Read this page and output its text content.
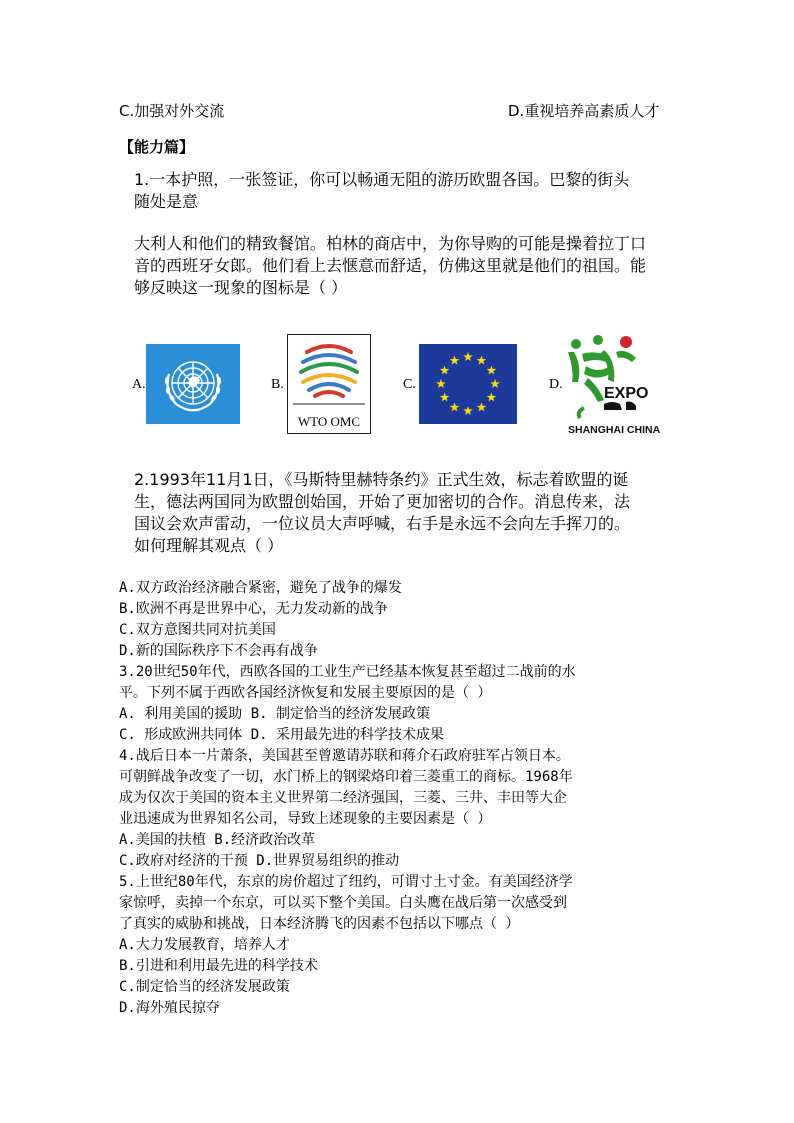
C.加强对外交流	D.重视培养高素质人才
【能力篇】
1.一本护照，一张签证，你可以畅通无阻的游历欧盟各国。巴黎的街头
随处是意
大利人和他们的精致餐馆。柏林的商店中，为你导购的可能是操着拉丁口
音的西班牙女郎。他们看上去惬意而舒适，仿佛这里就是他们的祖国。能
够反映这一现象的图标是（ ）
A.	B.
WTO OMC
C.	D.
EXPO
SHANGHAI CHINA
2.1993年11月1日，《马斯特里赫特条约》正式生效，标志着欧盟的诞
生，德法两国同为欧盟创始国，开始了更加密切的合作。消息传来，法
国议会欢声雷动，一位议员大声呼喊，右手是永远不会向左手挥刀的。
如何理解其观点（ ）
A.双方政治经济融合紧密，避免了战争的爆发
B.欧洲不再是世界中心，无力发动新的战争
C.双方意图共同对抗美国
D.新的国际秩序下不会再有战争
3.20世纪50年代，西欧各国的工业生产已经基本恢复甚至超过二战前的水
平。下列不属于西欧各国经济恢复和发展主要原因的是（ ）
A. 利用美国的援助 B. 制定恰当的经济发展政策
C. 形成欧洲共同体 D. 采用最先进的科学技术成果
4.战后日本一片萧条，美国甚至曾邀请苏联和蒋介石政府驻军占领日本。
可朝鲜战争改变了一切，水门桥上的钢梁烙印着三菱重工的商标。1968年
成为仅次于美国的资本主义世界第二经济强国，三菱、三井、丰田等大企
业迅速成为世界知名公司，导致上述现象的主要因素是（ ）
A.美国的扶植 B.经济政治改革
C.政府对经济的干预 D.世界贸易组织的推动
5.上世纪80年代，东京的房价超过了纽约，可谓寸土寸金。有美国经济学
家惊呼，卖掉一个东京，可以买下整个美国。白头鹰在战后第一次感受到
了真实的威胁和挑战，日本经济腾飞的因素不包括以下哪点（ ）
A.大力发展教育，培养人才
B.引进和利用最先进的科学技术
C.制定恰当的经济发展政策
D.海外殖民掠夺
